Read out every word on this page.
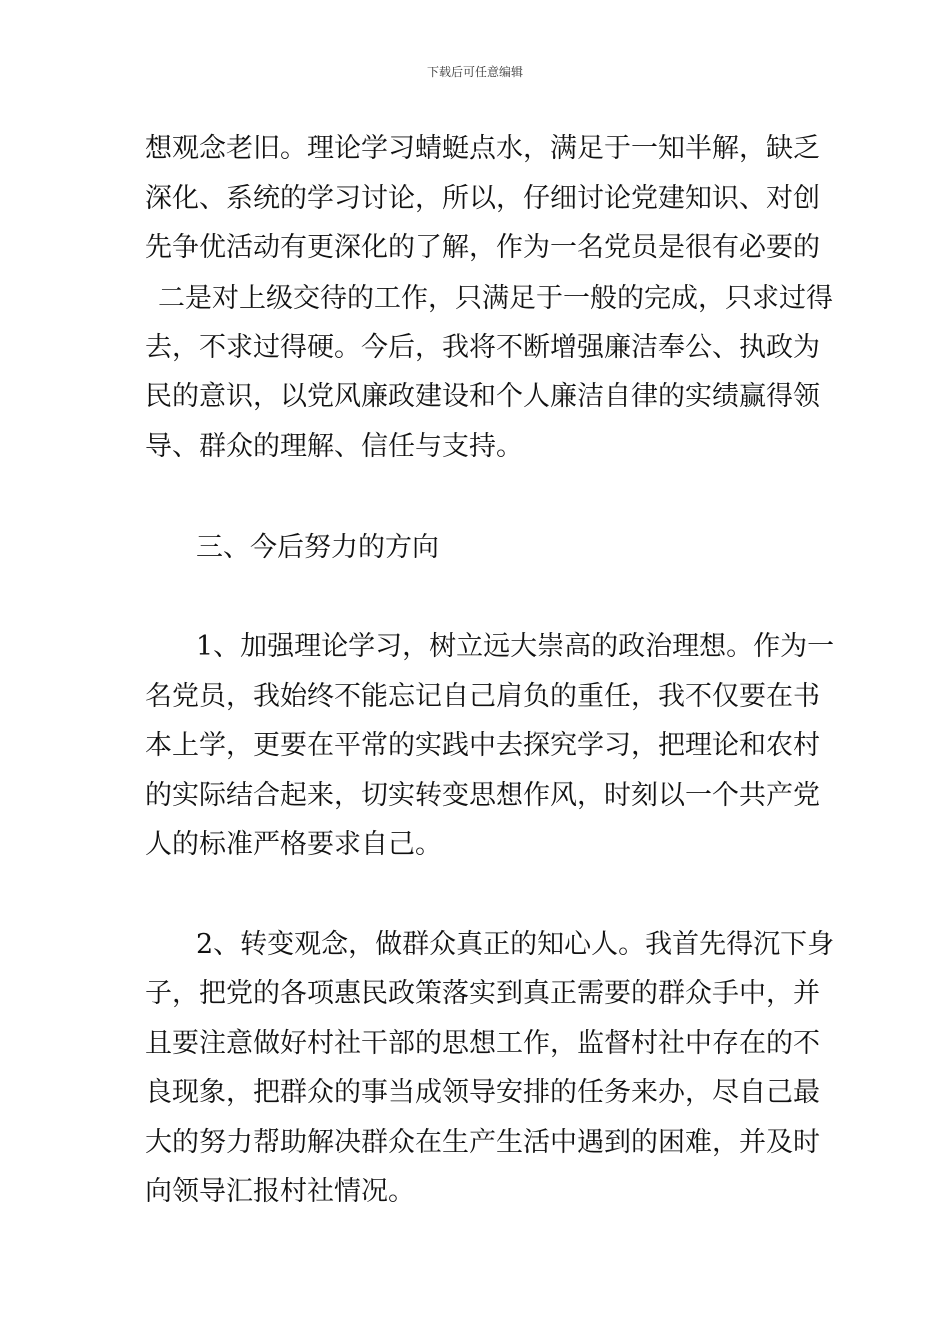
下载后可任意编辑
想观念老旧。理论学习蜻蜓点水，满足于一知半解，缺乏
深化、系统的学习讨论，所以，仔细讨论党建知识、对创
先争优活动有更深化的了解，作为一名党员是很有必要的
二是对上级交待的工作，只满足于一般的完成，只求过得
去，不求过得硬。今后，我将不断增强廉洁奉公、执政为
民的意识，以党风廉政建设和个人廉洁自律的实绩赢得领
导、群众的理解、信任与支持。
三、今后努力的方向
1、加强理论学习，树立远大崇高的政治理想。作为一
名党员，我始终不能忘记自己肩负的重任，我不仅要在书
本上学，更要在平常的实践中去探究学习，把理论和农村
的实际结合起来，切实转变思想作风，时刻以一个共产党
人的标准严格要求自己。
2、转变观念，做群众真正的知心人。我首先得沉下身
子，把党的各项惠民政策落实到真正需要的群众手中，并
且要注意做好村社干部的思想工作，监督村社中存在的不
良现象，把群众的事当成领导安排的任务来办，尽自己最
大的努力帮助解决群众在生产生活中遇到的困难，并及时
向领导汇报村社情况。
